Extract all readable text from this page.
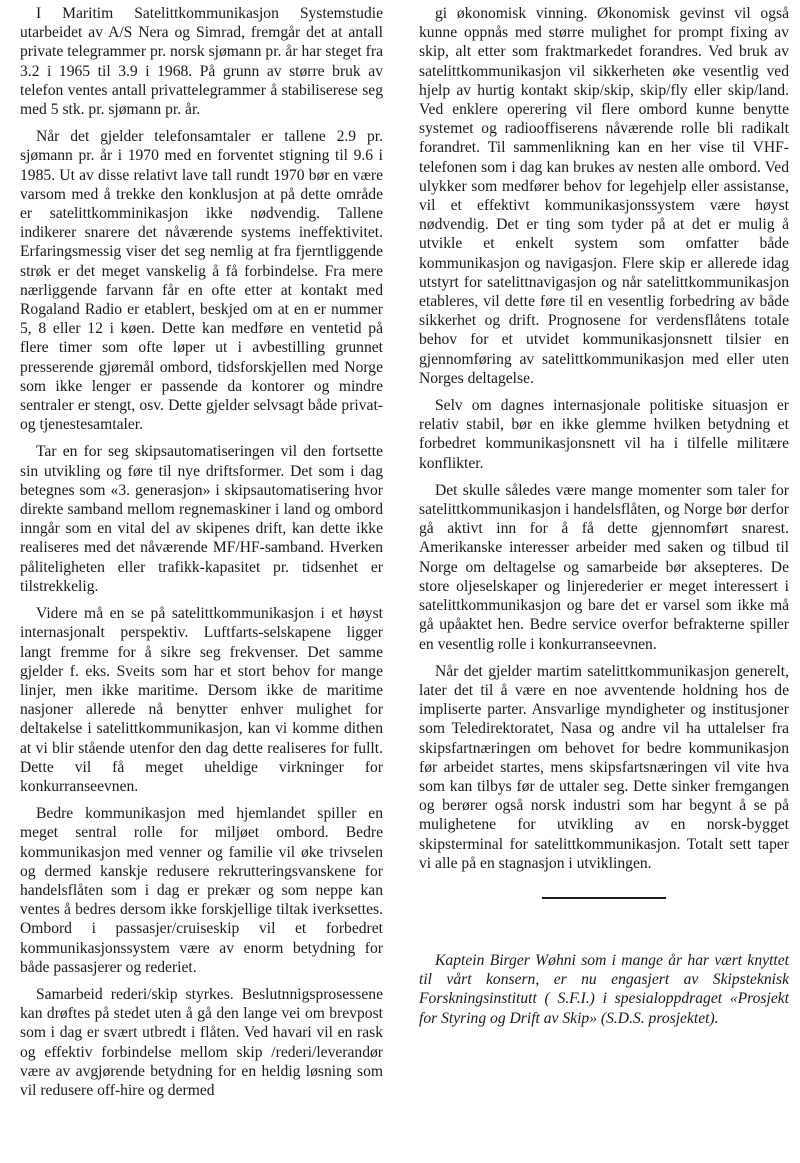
I Maritim Satelittkommunikasjon Systemstudie utarbeidet av A/S Nera og Simrad, fremgår det at antall private telegrammer pr. norsk sjømann pr. år har steget fra 3.2 i 1965 til 3.9 i 1968. På grunn av større bruk av telefon ventes antall privattelegrammer å stabiliserese seg med 5 stk. pr. sjømann pr. år.

Når det gjelder telefonsamtaler er tallene 2.9 pr. sjømann pr. år i 1970 med en forventet stigning til 9.6 i 1985. Ut av disse relativt lave tall rundt 1970 bør en være varsom med å trekke den konklusjon at på dette område er satelittkomminikasjon ikke nødvendig. Tallene indikerer snarere det nåværende systems ineffektivitet. Erfaringsmessig viser det seg nemlig at fra fjerntliggende strøk er det meget vanskelig å få forbindelse. Fra mere nærliggende farvann får en ofte etter at kontakt med Rogaland Radio er etablert, beskjed om at en er nummer 5, 8 eller 12 i køen. Dette kan medføre en ventetid på flere timer som ofte løper ut i avbestilling grunnet presserende gjøremål ombord, tidsforskjellen med Norge som ikke lenger er passende da kontorer og mindre sentraler er stengt, osv. Dette gjelder selvsagt både privat- og tjenestesamtaler.

Tar en for seg skipsautomatiseringen vil den fortsette sin utvikling og føre til nye driftsformer. Det som i dag betegnes som «3. generasjon» i skipsautomatisering hvor direkte samband mellom regnemaskiner i land og ombord inngår som en vital del av skipenes drift, kan dette ikke realiseres med det nåværende MF/HF-samband. Hverken påliteligheten eller trafikk-kapasitet pr. tidsenhet er tilstrekkelig.

Videre må en se på satelittkommunikasjon i et høyst internasjonalt perspektiv. Luftfarts-selskapene ligger langt fremme for å sikre seg frekvenser. Det samme gjelder f. eks. Sveits som har et stort behov for mange linjer, men ikke maritime. Dersom ikke de maritime nasjoner allerede nå benytter enhver mulighet for deltakelse i satelittkommunikasjon, kan vi komme dithen at vi blir stående utenfor den dag dette realiseres for fullt. Dette vil få meget uheldige virkninger for konkurranseevnen.

Bedre kommunikasjon med hjemlandet spiller en meget sentral rolle for miljøet ombord. Bedre kommunikasjon med venner og familie vil øke trivselen og dermed kanskje redusere rekrutteringsvanskene for handelsflåten som i dag er prekær og som neppe kan ventes å bedres dersom ikke forskjellige tiltak iverksettes. Ombord i passasjer/cruiseskip vil et forbedret kommunikasjonssystem være av enorm betydning for både passasjerer og rederiet.

Samarbeid rederi/skip styrkes. Beslutnnigsprosessene kan drøftes på stedet uten å gå den lange vei om brevpost som i dag er svært utbredt i flåten. Ved havari vil en rask og effektiv forbindelse mellom skip /rederi/leverandør være av avgjørende betydning for en heldig løsning som vil redusere off-hire og dermed

gi økonomisk vinning. Økonomisk gevinst vil også kunne oppnås med større mulighet for prompt fixing av skip, alt etter som fraktmarkedet forandres. Ved bruk av satelittkommunikasjon vil sikkerheten øke vesentlig ved hjelp av hurtig kontakt skip/skip, skip/fly eller skip/land. Ved enklere operering vil flere ombord kunne benytte systemet og radiooffiserens nåværende rolle bli radikalt forandret. Til sammenlikning kan en her vise til VHF-telefonen som i dag kan brukes av nesten alle ombord. Ved ulykker som medfører behov for legehjelp eller assistanse, vil et effektivt kommunikasjonssystem være høyst nødvendig. Det er ting som tyder på at det er mulig å utvikle et enkelt system som omfatter både kommunikasjon og navigasjon. Flere skip er allerede idag utstyrt for satelittnavigasjon og når satelittkommunikasjon etableres, vil dette føre til en vesentlig forbedring av både sikkerhet og drift. Prognosene for verdensflåtens totale behov for et utvidet kommunikasjonsnett tilsier en gjennomføring av satelittkommunikasjon med eller uten Norges deltagelse.

Selv om dagnes internasjonale politiske situasjon er relativ stabil, bør en ikke glemme hvilken betydning et forbedret kommunikasjonsnett vil ha i tilfelle militære konflikter.

Det skulle således være mange momenter som taler for satelittkommunikasjon i handelsflåten, og Norge bør derfor gå aktivt inn for å få dette gjennomført snarest. Amerikanske interesser arbeider med saken og tilbud til Norge om deltagelse og samarbeide bør aksepteres. De store oljeselskaper og linjerederier er meget interessert i satelittkommunikasjon og bare det er varsel som ikke må gå upåaktet hen. Bedre service overfor befrakterne spiller en vesentlig rolle i konkurranseevnen.

Når det gjelder martim satelittkommunikasjon generelt, later det til å være en noe avventende holdning hos de impliserte parter. Ansvarlige myndigheter og institusjoner som Teledirektoratet, Nasa og andre vil ha uttalelser fra skipsfartnæringen om behovet for bedre kommunikasjon før arbeidet startes, mens skipsfartsnæringen vil vite hva som kan tilbys før de uttaler seg. Dette sinker fremgangen og berører også norsk industri som har begynt å se på mulighetene for utvikling av en norsk-bygget skipsterminal for satelittkommunikasjon. Totalt sett taper vi alle på en stagnasjon i utviklingen.

Kaptein Birger Wøhni som i mange år har vært knyttet til vårt konsern, er nu engasjert av Skipsteknisk Forskningsinstitutt ( S.F.I.) i spesialoppdraget «Prosjekt for Styring og Drift av Skip» (S.D.S. prosjektet).
